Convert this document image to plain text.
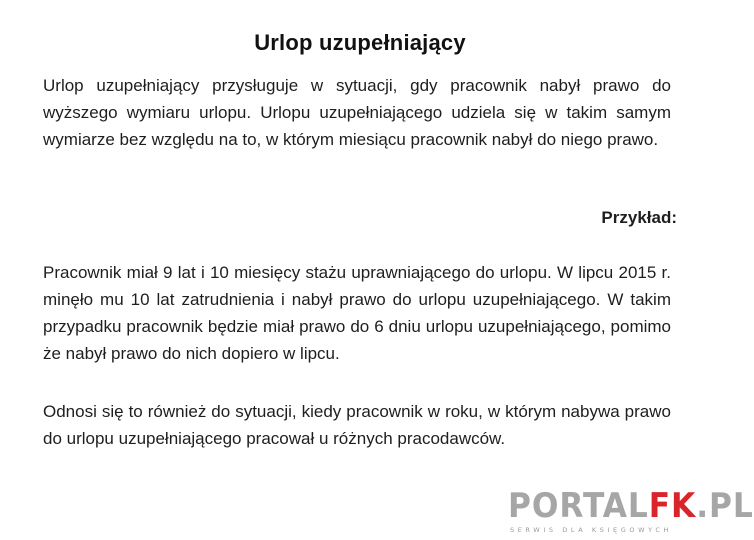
Urlop uzupełniający
Urlop uzupełniający przysługuje w sytuacji, gdy pracownik nabył prawo do wyższego wymiaru urlopu. Urlopu uzupełniającego udziela się w takim samym wymiarze bez względu na to, w którym miesiącu pracownik nabył do niego prawo.
Przykład:
Pracownik miał 9 lat i 10 miesięcy stażu uprawniającego do urlopu. W lipcu 2015 r. minęło mu 10 lat zatrudnienia i nabył prawo do urlopu uzupełniającego. W takim przypadku pracownik będzie miał prawo do 6 dniu urlopu uzupełniającego, pomimo że nabył prawo do nich dopiero w lipcu.
Odnosi się to również do sytuacji, kiedy pracownik w roku, w którym nabywa prawo do urlopu uzupełniającego pracował u różnych pracodawców.
PORTALFK.PL
SERWIS DLA KSIĘGOWYCH
